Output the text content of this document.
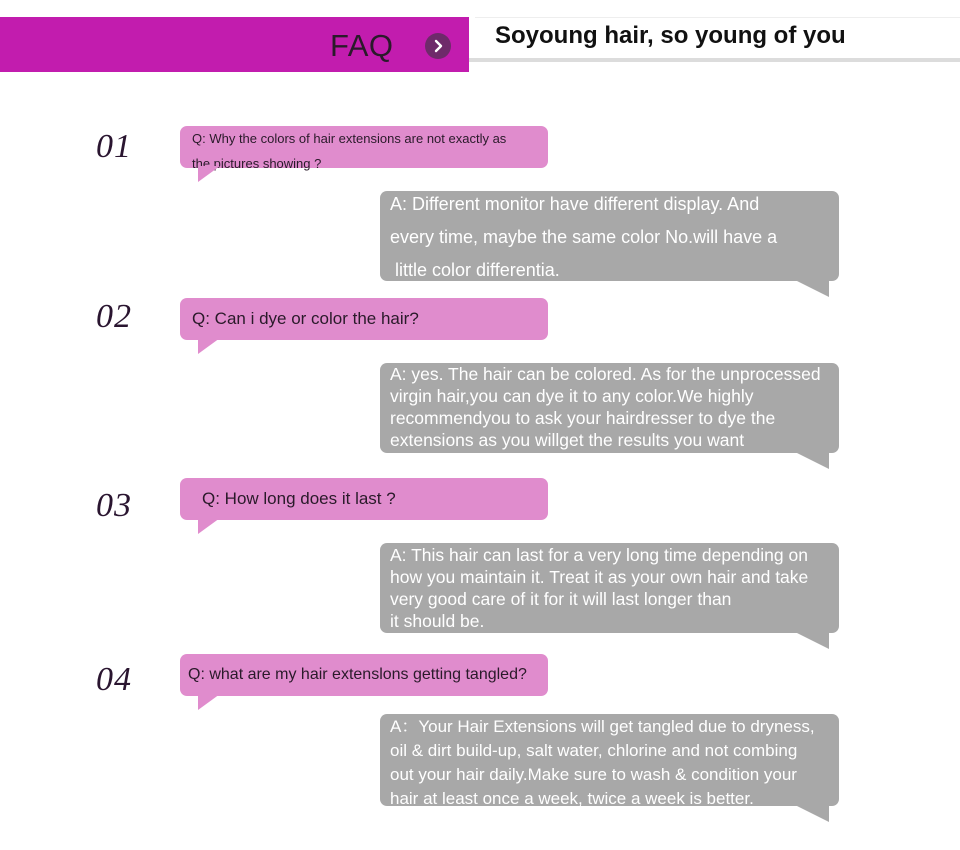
FAQ	Soyoung hair, so young of you
01	Q: Why the colors of hair extensions are not exactly as
the pictures showing ?
A: Different monitor have different display. And
every time, maybe the same color No.will have a
little color differentia.
02	Q: Can i dye or color the hair?
A: yes. The hair can be colored. As for the unprocessed
virgin hair,you can dye it to any color.We highly
recommendyou to ask your hairdresser to dye the
extensions as you willget the results you want
03	Q: How long does it last ?
A: This hair can last for a very long time depending on
how you maintain it. Treat it as your own hair and take
very good care of it for it will last longer than
it should be.
04	Q: what are my hair extenslons getting tangled?
A：Your Hair Extensions will get tangled due to dryness,
oil & dirt build-up, salt water, chlorine and not combing
out your hair daily.Make sure to wash & condition your
hair at least once a week, twice a week is better.
